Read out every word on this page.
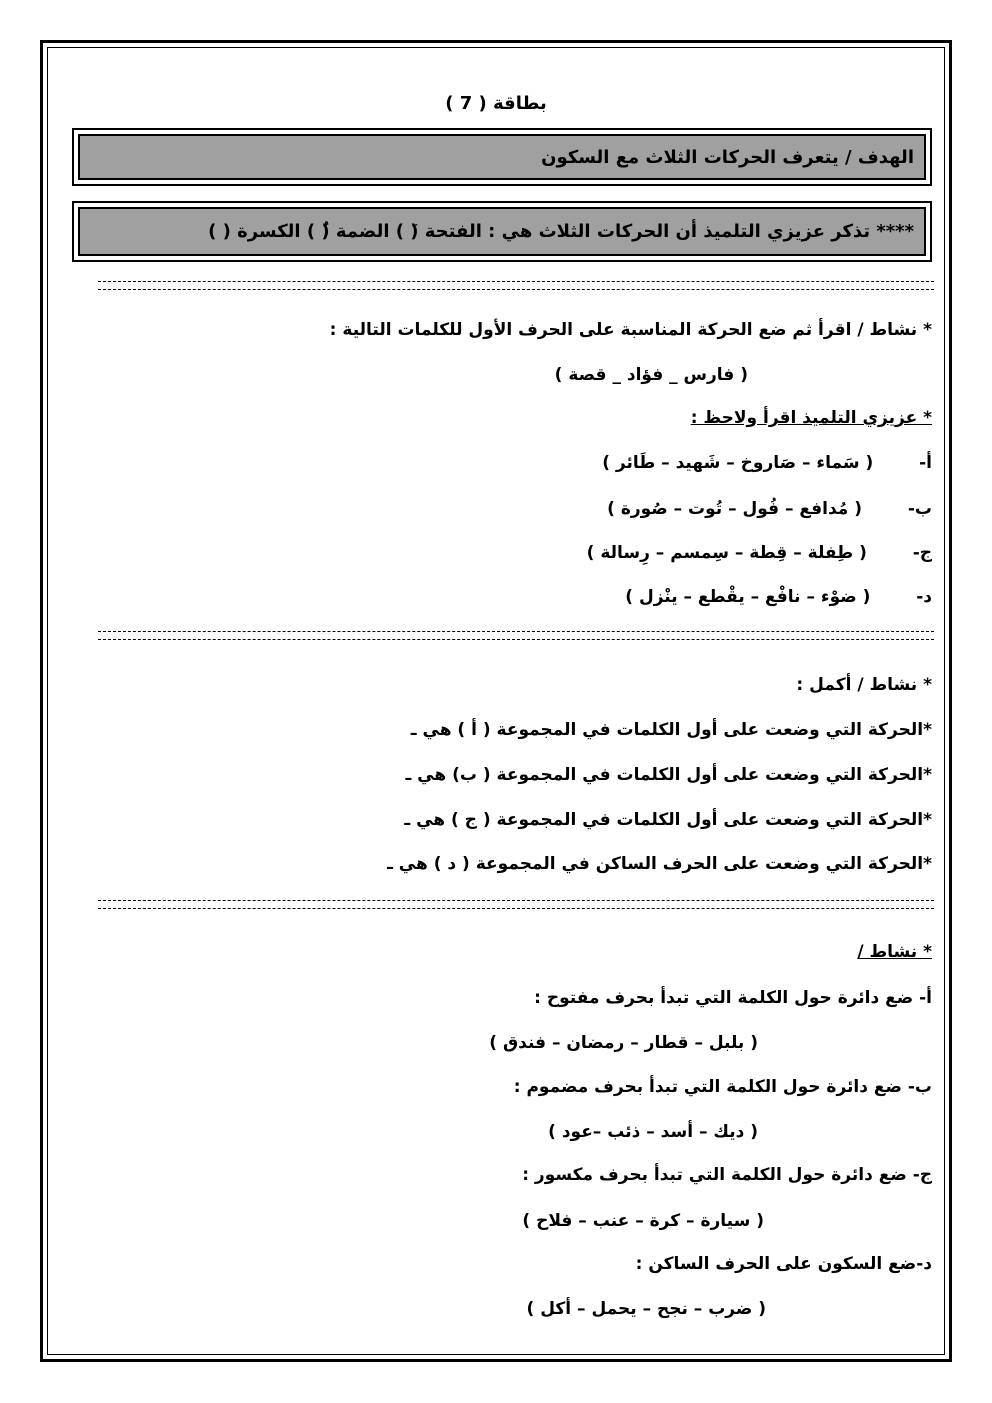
بطاقة ( 7 )
الهدف / يتعرف الحركات الثلاث مع السكون
**** تذكر عزيزي التلميذ أن الحركات الثلاث هي : الفتحة (َ ) الضمة (ُ ) الكسرة ( )
* نشاط / اقرأ ثم ضع الحركة المناسبة على الحرف الأول للكلمات التالية :
( فارس _ فؤاد _ قصة )
* عزيزي التلميذ اقرأ ولاحظ :
أ-  ( سَماء – صَاروخ – شَهيد – طَائر )
ب-  ( مُدافع – فُول – تُوت – صُورة )
ج-  ( طِفلة – قِطة – سِمسم – رِسالة )
د-  ( ضوْء – نافْع – يقْطع – ينْزل )
* نشاط / أكمل :
*الحركة التي وضعت على أول الكلمات في المجموعة ( أ ) هي ـ
*الحركة التي وضعت على أول الكلمات في المجموعة ( ب) هي ـ
*الحركة التي وضعت على أول الكلمات في المجموعة ( ج ) هي ـ
*الحركة التي وضعت على الحرف الساكن في المجموعة ( د ) هي ـ
* نشاط /
أ- ضع دائرة حول الكلمة التي تبدأ بحرف مفتوح :
( بلبل – قطار – رمضان – فندق )
ب- ضع دائرة حول الكلمة التي تبدأ بحرف مضموم :
( ديك – أسد – ذئب –عود )
ج- ضع دائرة حول الكلمة التي تبدأ بحرف مكسور :
( سيارة – كرة – عنب – فلاح )
د-ضع السكون على الحرف الساكن :
( ضرب – نجح – يحمل – أكل )
